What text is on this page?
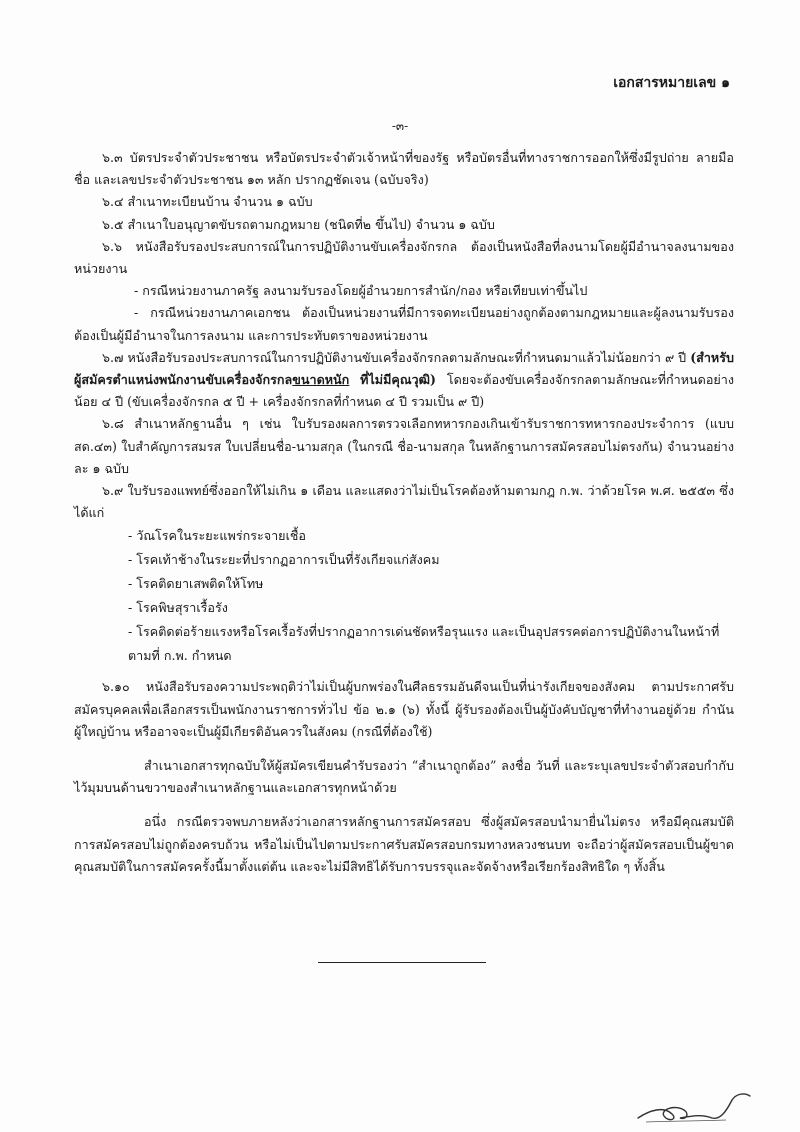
เอกสารหมายเลข ๑
-๓-

๖.๓ บัตรประจำตัวประชาชน หรือบัตรประจำตัวเจ้าหน้าที่ของรัฐ หรือบัตรอื่นที่ทางราชการออกให้ซึ่งมีรูปถ่าย ลายมือชื่อ และเลขประจำตัวประชาชน ๑๓ หลัก ปรากฏชัดเจน (ฉบับจริง)

๖.๔ สำเนาทะเบียนบ้าน จำนวน ๑ ฉบับ

๖.๕ สำเนาใบอนุญาตขับรถตามกฎหมาย (ชนิดที่๒ ขึ้นไป) จำนวน ๑ ฉบับ

๖.๖ หนังสือรับรองประสบการณ์ในการปฏิบัติงานขับเครื่องจักรกล ต้องเป็นหนังสือที่ลงนามโดยผู้มีอำนาจลงนามของหน่วยงาน

- กรณีหน่วยงานภาครัฐ ลงนามรับรองโดยผู้อำนวยการสำนัก/กอง หรือเทียบเท่าขึ้นไป

- กรณีหน่วยงานภาคเอกชน ต้องเป็นหน่วยงานที่มีการจดทะเบียนอย่างถูกต้องตามกฎหมายและผู้ลงนามรับรองต้องเป็นผู้มีอำนาจในการลงนาม และการประทับตราของหน่วยงาน

๖.๗ หนังสือรับรองประสบการณ์ในการปฏิบัติงานขับเครื่องจักรกลตามลักษณะที่กำหนดมาแล้วไม่น้อยกว่า ๙ ปี (สำหรับผู้สมัครตำแหน่งพนักงานขับเครื่องจักรกลขนาดหนัก ที่ไม่มีคุณวุฒิ) โดยจะต้องขับเครื่องจักรกลตามลักษณะที่กำหนดอย่างน้อย ๔ ปี (ขับเครื่องจักรกล ๕ ปี + เครื่องจักรกลที่กำหนด ๔ ปี รวมเป็น ๙ ปี)

๖.๘ สำเนาหลักฐานอื่น ๆ เช่น ใบรับรองผลการตรวจเลือกทหารกองเกินเข้ารับราชการทหารกองประจำการ (แบบ สด.๔๓) ใบสำคัญการสมรส ใบเปลี่ยนชื่อ-นามสกุล (ในกรณี ชื่อ-นามสกุล ในหลักฐานการสมัครสอบไม่ตรงกัน) จำนวนอย่างละ ๑ ฉบับ

๖.๙ ใบรับรองแพทย์ซึ่งออกให้ไม่เกิน ๑ เดือน และแสดงว่าไม่เป็นโรคต้องห้ามตามกฎ ก.พ. ว่าด้วยโรค พ.ศ. ๒๕๕๓ ซึ่งได้แก่

- วัณโรคในระยะแพร่กระจายเชื้อ

- โรคเท้าช้างในระยะที่ปรากฏอาการเป็นที่รังเกียจแก่สังคม

- โรคติดยาเสพติดให้โทษ

- โรคพิษสุราเรื้อรัง

- โรคติดต่อร้ายแรงหรือโรคเรื้อรังที่ปรากฏอาการเด่นชัดหรือรุนแรง และเป็นอุปสรรคต่อการปฏิบัติงานในหน้าที่ ตามที่ ก.พ. กำหนด

๖.๑๐ หนังสือรับรองความประพฤติว่าไม่เป็นผู้บกพร่องในศีลธรรมอันดีจนเป็นที่น่ารังเกียจของสังคม ตามประกาศรับสมัครบุคคลเพื่อเลือกสรรเป็นพนักงานราชการทั่วไป ข้อ ๒.๑ (๖) ทั้งนี้ ผู้รับรองต้องเป็นผู้บังคับบัญชาที่ทำงานอยู่ด้วย กำนัน ผู้ใหญ่บ้าน หรืออาจจะเป็นผู้มีเกียรติอันควรในสังคม (กรณีที่ต้องใช้)

สำเนาเอกสารทุกฉบับให้ผู้สมัครเขียนคำรับรองว่า “สำเนาถูกต้อง” ลงชื่อ วันที่ และระบุเลขประจำตัวสอบกำกับไว้มุมบนด้านขวาของสำเนาหลักฐานและเอกสารทุกหน้าด้วย

อนึ่ง กรณีตรวจพบภายหลังว่าเอกสารหลักฐานการสมัครสอบ ซึ่งผู้สมัครสอบนำมายื่นไม่ตรง หรือมีคุณสมบัติการสมัครสอบไม่ถูกต้องครบถ้วน หรือไม่เป็นไปตามประกาศรับสมัครสอบกรมทางหลวงชนบท จะถือว่าผู้สมัครสอบเป็นผู้ขาดคุณสมบัติในการสมัครครั้งนี้มาตั้งแต่ต้น และจะไม่มีสิทธิได้รับการบรรจุและจัดจ้างหรือเรียกร้องสิทธิใด ๆ ทั้งสิ้น
